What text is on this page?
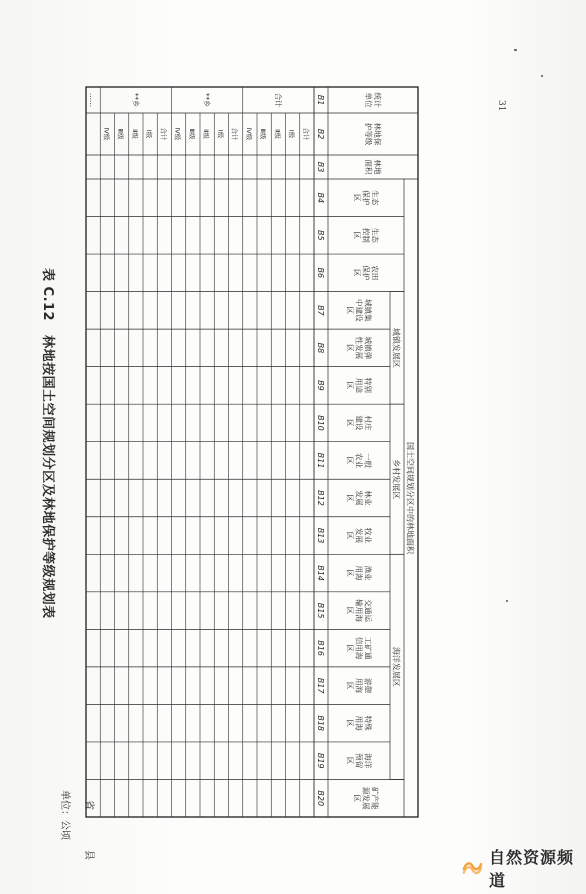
表 C.12林地按国土空间规划分区及林地保护等级规划表
单位：公顷
31
省
县
国土空间规划分区中的林地面积
城镇发展区
乡村发展区
海洋发展区
统计单位
B1
林地保护等级
B2
林地面积
B3
生态保护区
B4
生态控制区
B5
农田保护区
B6
城镇集中建设区
B7
城镇弹性发展区
B8
特别用途区
B9
村庄建设区
B10
一般农业区
B11
林业发展区
B12
牧业发展区
B13
渔业用海区
B14
交通运输用海区
B15
工矿通信用海区
B16
游憩用海区
B17
特殊用海区
B18
海洋预留区
B19
矿产能源发展区
B20
合计
合计
Ⅰ级
Ⅱ级
Ⅲ级
Ⅳ级
**乡
合计
Ⅰ级
Ⅱ级
Ⅲ级
Ⅳ级
**乡
合计
Ⅰ级
Ⅱ级
Ⅲ级
Ⅳ级
……
自然资源频道
